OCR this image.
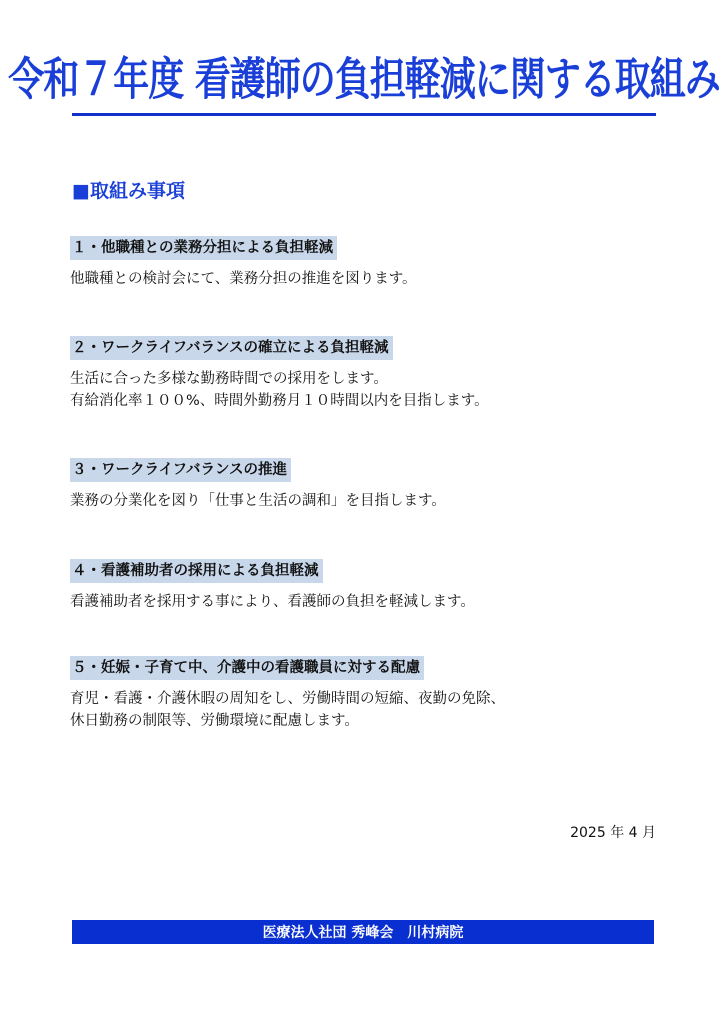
令和７年度 看護師の負担軽減に関する取組み
■取組み事項
１・他職種との業務分担による負担軽減
他職種との検討会にて、業務分担の推進を図ります。
２・ワークライフバランスの確立による負担軽減
生活に合った多様な勤務時間での採用をします。
有給消化率１００%、時間外勤務月１０時間以内を目指します。
３・ワークライフバランスの推進
業務の分業化を図り「仕事と生活の調和」を目指します。
４・看護補助者の採用による負担軽減
看護補助者を採用する事により、看護師の負担を軽減します。
５・妊娠・子育て中、介護中の看護職員に対する配慮
育児・看護・介護休暇の周知をし、労働時間の短縮、夜勤の免除、
休日勤務の制限等、労働環境に配慮します。
2025 年 4 月
医療法人社団 秀峰会　川村病院
